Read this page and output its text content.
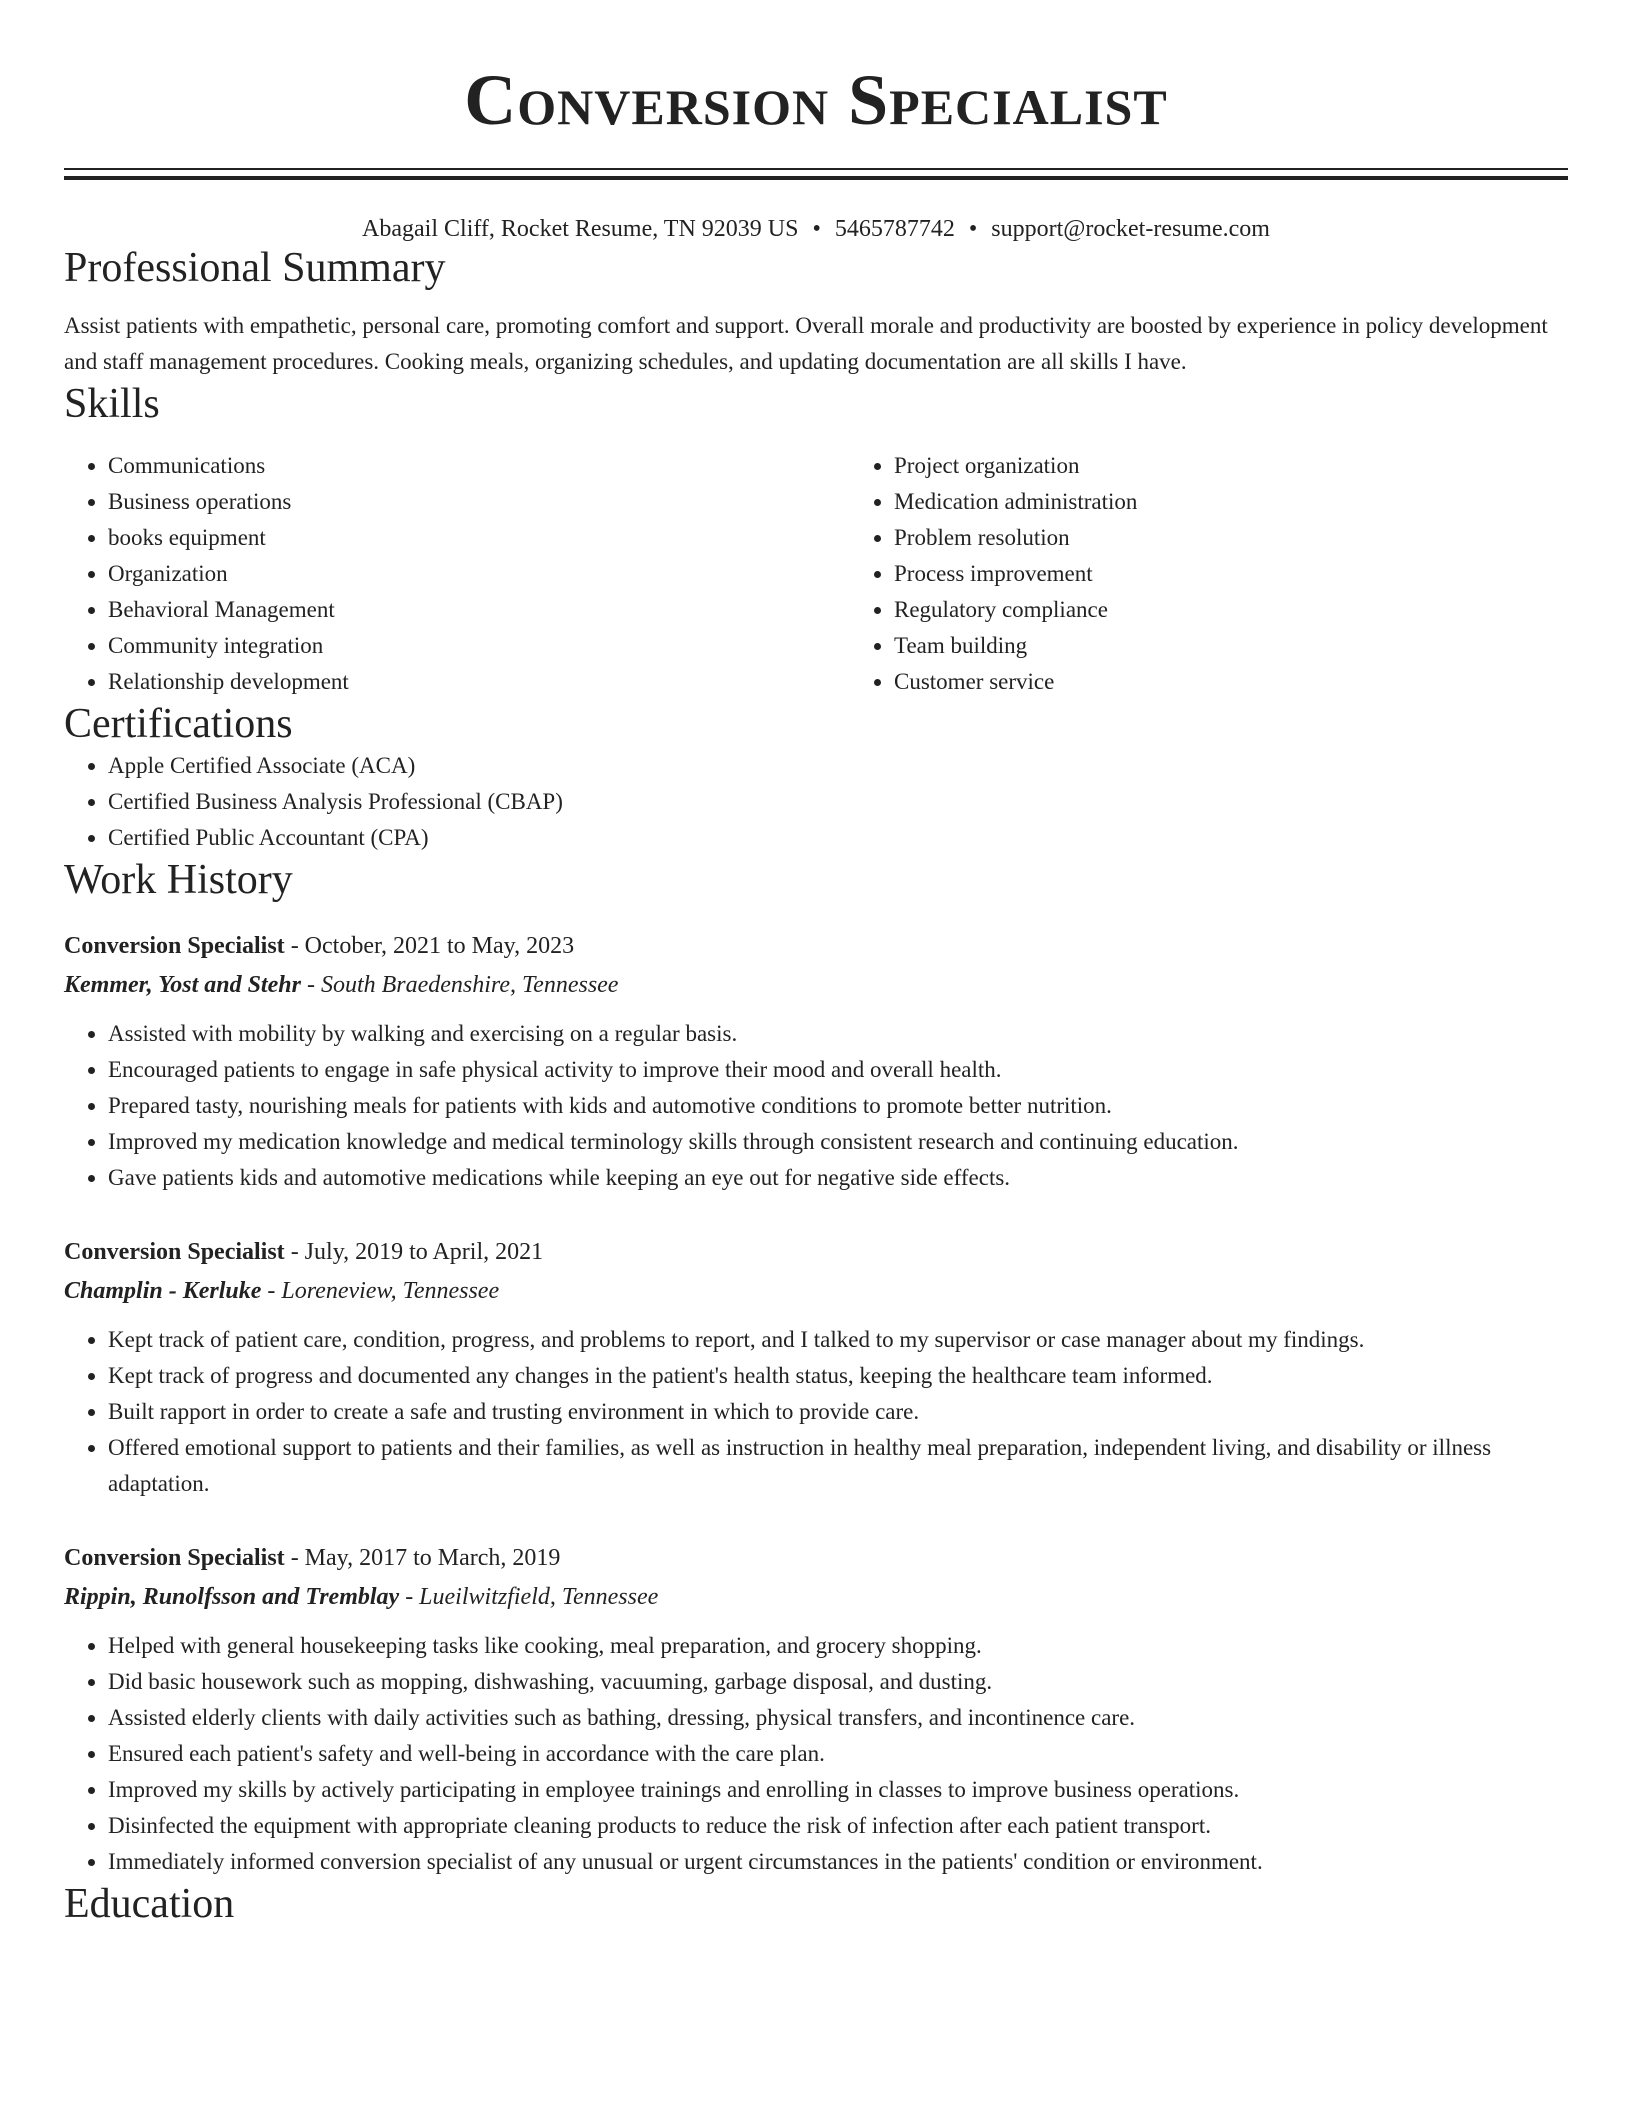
Conversion Specialist
Abagail Cliff, Rocket Resume, TN 92039 US • 5465787742 • support@rocket-resume.com
Professional Summary

Assist patients with empathetic, personal care, promoting comfort and support. Overall morale and productivity are boosted by experience in policy development and staff management procedures. Cooking meals, organizing schedules, and updating documentation are all skills I have.

Skills
• Communications
• Business operations
• books equipment
• Organization
• Behavioral Management
• Community integration
• Relationship development
• Project organization
• Medication administration
• Problem resolution
• Process improvement
• Regulatory compliance
• Team building
• Customer service
Certifications
• Apple Certified Associate (ACA)
• Certified Business Analysis Professional (CBAP)
• Certified Public Accountant (CPA)
Work History
Conversion Specialist - October, 2021 to May, 2023
Kemmer, Yost and Stehr - South Braedenshire, Tennessee
• Assisted with mobility by walking and exercising on a regular basis.
• Encouraged patients to engage in safe physical activity to improve their mood and overall health.
• Prepared tasty, nourishing meals for patients with kids and automotive conditions to promote better nutrition.
• Improved my medication knowledge and medical terminology skills through consistent research and continuing education.
• Gave patients kids and automotive medications while keeping an eye out for negative side effects.
Conversion Specialist - July, 2019 to April, 2021
Champlin - Kerluke - Loreneview, Tennessee
• Kept track of patient care, condition, progress, and problems to report, and I talked to my supervisor or case manager about my findings.
• Kept track of progress and documented any changes in the patient's health status, keeping the healthcare team informed.
• Built rapport in order to create a safe and trusting environment in which to provide care.
• Offered emotional support to patients and their families, as well as instruction in healthy meal preparation, independent living, and disability or illness adaptation.
Conversion Specialist - May, 2017 to March, 2019
Rippin, Runolfsson and Tremblay - Lueilwitzfield, Tennessee
• Helped with general housekeeping tasks like cooking, meal preparation, and grocery shopping.
• Did basic housework such as mopping, dishwashing, vacuuming, garbage disposal, and dusting.
• Assisted elderly clients with daily activities such as bathing, dressing, physical transfers, and incontinence care.
• Ensured each patient's safety and well-being in accordance with the care plan.
• Improved my skills by actively participating in employee trainings and enrolling in classes to improve business operations.
• Disinfected the equipment with appropriate cleaning products to reduce the risk of infection after each patient transport.
• Immediately informed conversion specialist of any unusual or urgent circumstances in the patients' condition or environment.
Education
